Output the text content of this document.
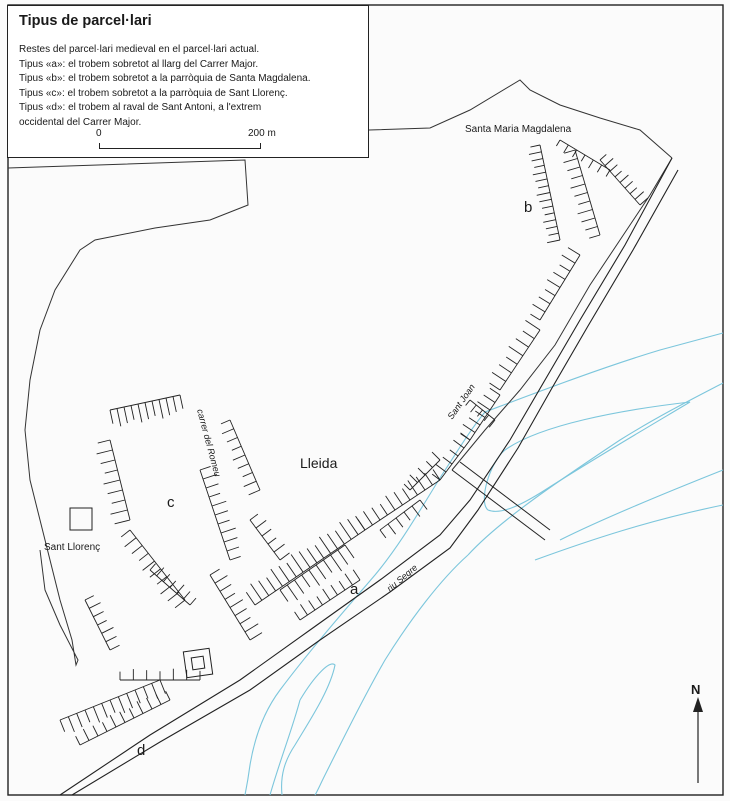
Santa Maria Magdalena
Sant Llorenç
Lleida
Sant Joan
carrer del Romeu
riu Segre
a
b
c
d
N
Tipus de parcel·lari
Restes del parcel·lari medieval en el parcel·lari actual.
Tipus «a»: el trobem sobretot al llarg del Carrer Major.
Tipus «b»: el trobem sobretot a la parròquia de Santa Magdalena.
Tipus «c»: el trobem sobretot a la parròquia de Sant Llorenç.
Tipus «d»: el trobem al raval de Sant Antoni, a l'extrem
occidental del Carrer Major.
0	200 m
